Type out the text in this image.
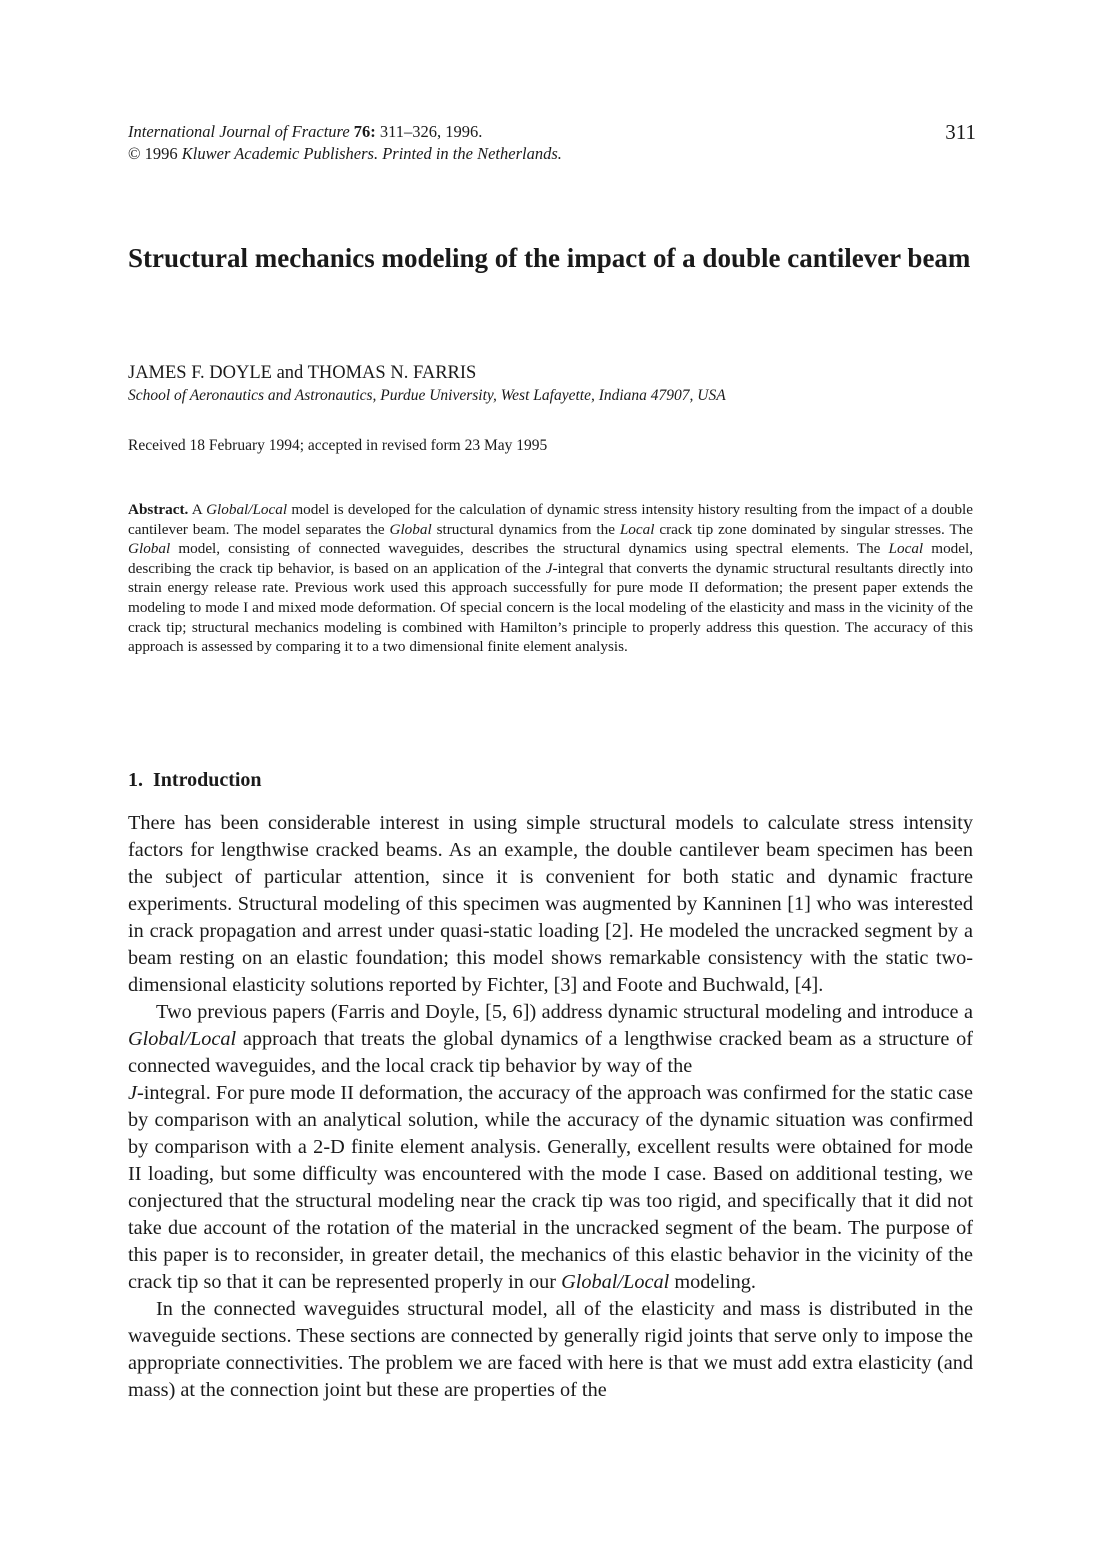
International Journal of Fracture 76: 311–326, 1996.	311
© 1996 Kluwer Academic Publishers. Printed in the Netherlands.
Structural mechanics modeling of the impact of a double cantilever beam
JAMES F. DOYLE and THOMAS N. FARRIS
School of Aeronautics and Astronautics, Purdue University, West Lafayette, Indiana 47907, USA
Received 18 February 1994; accepted in revised form 23 May 1995

Abstract. A Global/Local model is developed for the calculation of dynamic stress intensity history resulting from the impact of a double cantilever beam. The model separates the Global structural dynamics from the Local crack tip zone dominated by singular stresses. The Global model, consisting of connected waveguides, describes the structural dynamics using spectral elements. The Local model, describing the crack tip behavior, is based on an application of the J-integral that converts the dynamic structural resultants directly into strain energy release rate. Previous work used this approach successfully for pure mode II deformation; the present paper extends the modeling to mode I and mixed mode deformation. Of special concern is the local modeling of the elasticity and mass in the vicinity of the crack tip; structural mechanics modeling is combined with Hamilton’s principle to properly address this question. The accuracy of this approach is assessed by comparing it to a two dimensional finite element analysis.

1. Introduction

There has been considerable interest in using simple structural models to calculate stress intensity factors for lengthwise cracked beams. As an example, the double cantilever beam specimen has been the subject of particular attention, since it is convenient for both static and dynamic fracture experiments. Structural modeling of this specimen was augmented by Kanninen [1] who was interested in crack propagation and arrest under quasi-static loading [2]. He modeled the uncracked segment by a beam resting on an elastic foundation; this model shows remarkable consistency with the static two-dimensional elasticity solutions reported by Fichter, [3] and Foote and Buchwald, [4].

Two previous papers (Farris and Doyle, [5, 6]) address dynamic structural modeling and introduce a Global/Local approach that treats the global dynamics of a lengthwise cracked beam as a structure of connected waveguides, and the local crack tip behavior by way of the
J-integral. For pure mode II deformation, the accuracy of the approach was confirmed for the static case by comparison with an analytical solution, while the accuracy of the dynamic situation was confirmed by comparison with a 2-D finite element analysis. Generally, excellent results were obtained for mode II loading, but some difficulty was encountered with the mode I case. Based on additional testing, we conjectured that the structural modeling near the crack tip was too rigid, and specifically that it did not take due account of the rotation of the material in the uncracked segment of the beam. The purpose of this paper is to reconsider, in greater detail, the mechanics of this elastic behavior in the vicinity of the crack tip so that it can be represented properly in our Global/Local modeling.

In the connected waveguides structural model, all of the elasticity and mass is distributed in the waveguide sections. These sections are connected by generally rigid joints that serve only to impose the appropriate connectivities. The problem we are faced with here is that we must add extra elasticity (and mass) at the connection joint but these are properties of the
